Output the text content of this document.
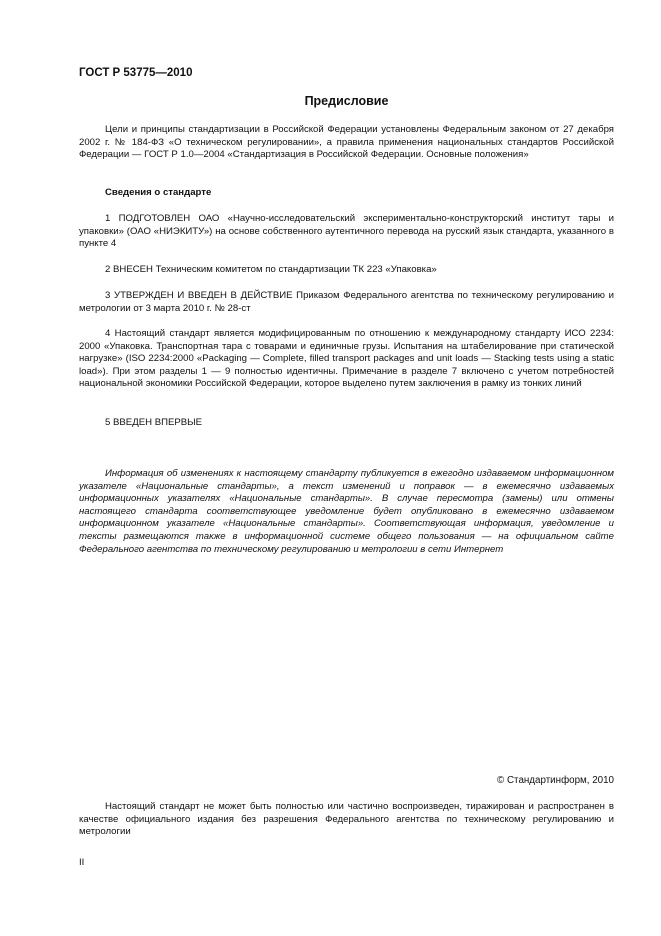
ГОСТ Р 53775—2010
Предисловие

Цели и принципы стандартизации в Российской Федерации установлены Федеральным законом от 27 декабря 2002 г. № 184-ФЗ «О техническом регулировании», а правила применения национальных стандартов Российской Федерации — ГОСТ Р 1.0—2004 «Стандартизация в Российской Федерации. Основные положения»

Сведения о стандарте

1 ПОДГОТОВЛЕН ОАО «Научно-исследовательский экспериментально-конструкторский институт тары и упаковки» (ОАО «НИЭКИТУ») на основе собственного аутентичного перевода на русский язык стандарта, указанного в пункте 4

2 ВНЕСЕН Техническим комитетом по стандартизации ТК 223 «Упаковка»

3 УТВЕРЖДЕН И ВВЕДЕН В ДЕЙСТВИЕ Приказом Федерального агентства по техническому регулированию и метрологии от 3 марта 2010 г. № 28-ст

4 Настоящий стандарт является модифицированным по отношению к международному стандарту ИСО 2234: 2000 «Упаковка. Транспортная тара с товарами и единичные грузы. Испытания на штабелирование при статической нагрузке» (ISO 2234:2000 «Packaging — Complete, filled transport packages and unit loads — Stacking tests using a static load»). При этом разделы 1 — 9 полностью идентичны. Примечание в разделе 7 включено с учетом потребностей национальной экономики Российской Федерации, которое выделено путем заключения в рамку из тонких линий

5 ВВЕДЕН ВПЕРВЫЕ

Информация об изменениях к настоящему стандарту публикуется в ежегодно издаваемом информационном указателе «Национальные стандарты», а текст изменений и поправок — в ежемесячно издаваемых информационных указателях «Национальные стандарты». В случае пересмотра (замены) или отмены настоящего стандарта соответствующее уведомление будет опубликовано в ежемесячно издаваемом информационном указателе «Национальные стандарты». Соответствующая информация, уведомление и тексты размещаются также в информационной системе общего пользования — на официальном сайте Федерального агентства по техническому регулированию и метрологии в сети Интернет

© Стандартинформ, 2010

Настоящий стандарт не может быть полностью или частично воспроизведен, тиражирован и распространен в качестве официального издания без разрешения Федерального агентства по техническому регулированию и метрологии

II
